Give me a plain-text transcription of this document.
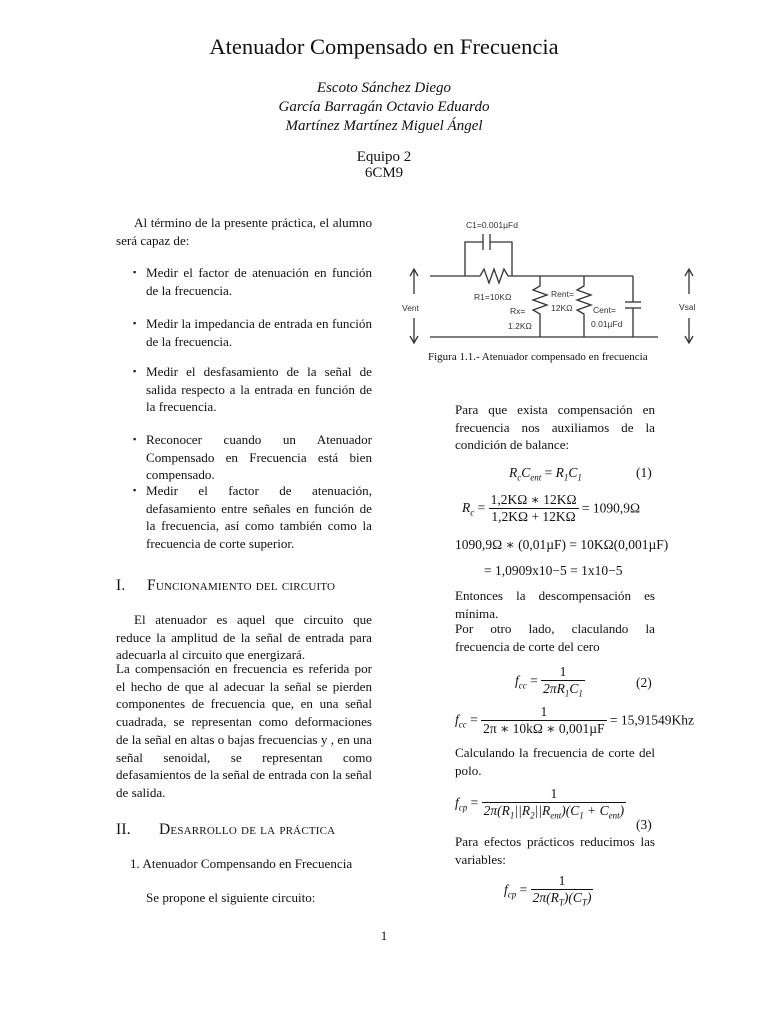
Atenuador Compensado en Frecuencia
Escoto Sánchez Diego
García Barragán Octavio Eduardo
Martínez Martínez Miguel Ángel
Equipo 2
6CM9
Al término de la presente práctica, el alumno será capaz de:
▪ Medir el factor de atenuación en función de la frecuencia.
▪ Medir la impedancia de entrada en función de la frecuencia.
▪ Medir el desfasamiento de la señal de salida respecto a la entrada en función de la frecuencia.
▪ Reconocer cuando un Atenuador Compensado en Frecuencia está bien compensado.
▪ Medir el factor de atenuación, defasamiento entre señales en función de la frecuencia, así como también como la frecuencia de corte superior.
I. Funcionamiento del circuito
El atenuador es aquel que circuito que reduce la amplitud de la señal de entrada para adecuarla al circuito que energizará.
La compensación en frecuencia es referida por el hecho de que al adecuar la señal se pierden componentes de frecuencia que, en una señal cuadrada, se representan como deformaciones de la señal en altas o bajas frecuencias y , en una señal senoidal, se representan como defasamientos de la señal de entrada con la señal de salida.
II. Desarrollo de la práctica
1. Atenuador Compensando en Frecuencia
Se propone el siguiente circuito:
C1=0.001µFd
R1=10KΩ
Rx=
1.2KΩ
Rent=
12KΩ Cent=
0.01µFd
Vent	Vsal
Figura 1.1.- Atenuador compensado en frecuencia
Para que exista compensación en frecuencia nos auxiliamos de la condición de balance:
$R_cC_{ent} = R_1C_1$	(1)
$R_c = \frac{1,2K\Omega ∗ 12K\Omega}{1,2K\Omega + 12K\Omega} = 1090,9\Omega$
1090,9Ω ∗ (0,01µF) = 10KΩ(0,001µF)
= 1,0909x10−5 = 1x10−5
Entonces la descompensación es mínima.
Por otro lado, claculando la frecuencia de corte del cero
$f_{cc} = \frac{1}{2\pi R_1C_1}$	(2)
$f_{cc} = \frac{1}{\text{2π ∗ 10kΩ ∗ 0,001µF}} = 15,91549Khz$
Calculando la frecuencia de corte del polo.
$f_{cp} = \frac{1}{2\pi(R_1||R_2||R_{ent})(C_1 + C_{ent})}$
(3)
Para efectos prácticos reducimos las variables:
$f_{cp} = \frac{1}{2\pi(R_T)(C_T)}$
1
